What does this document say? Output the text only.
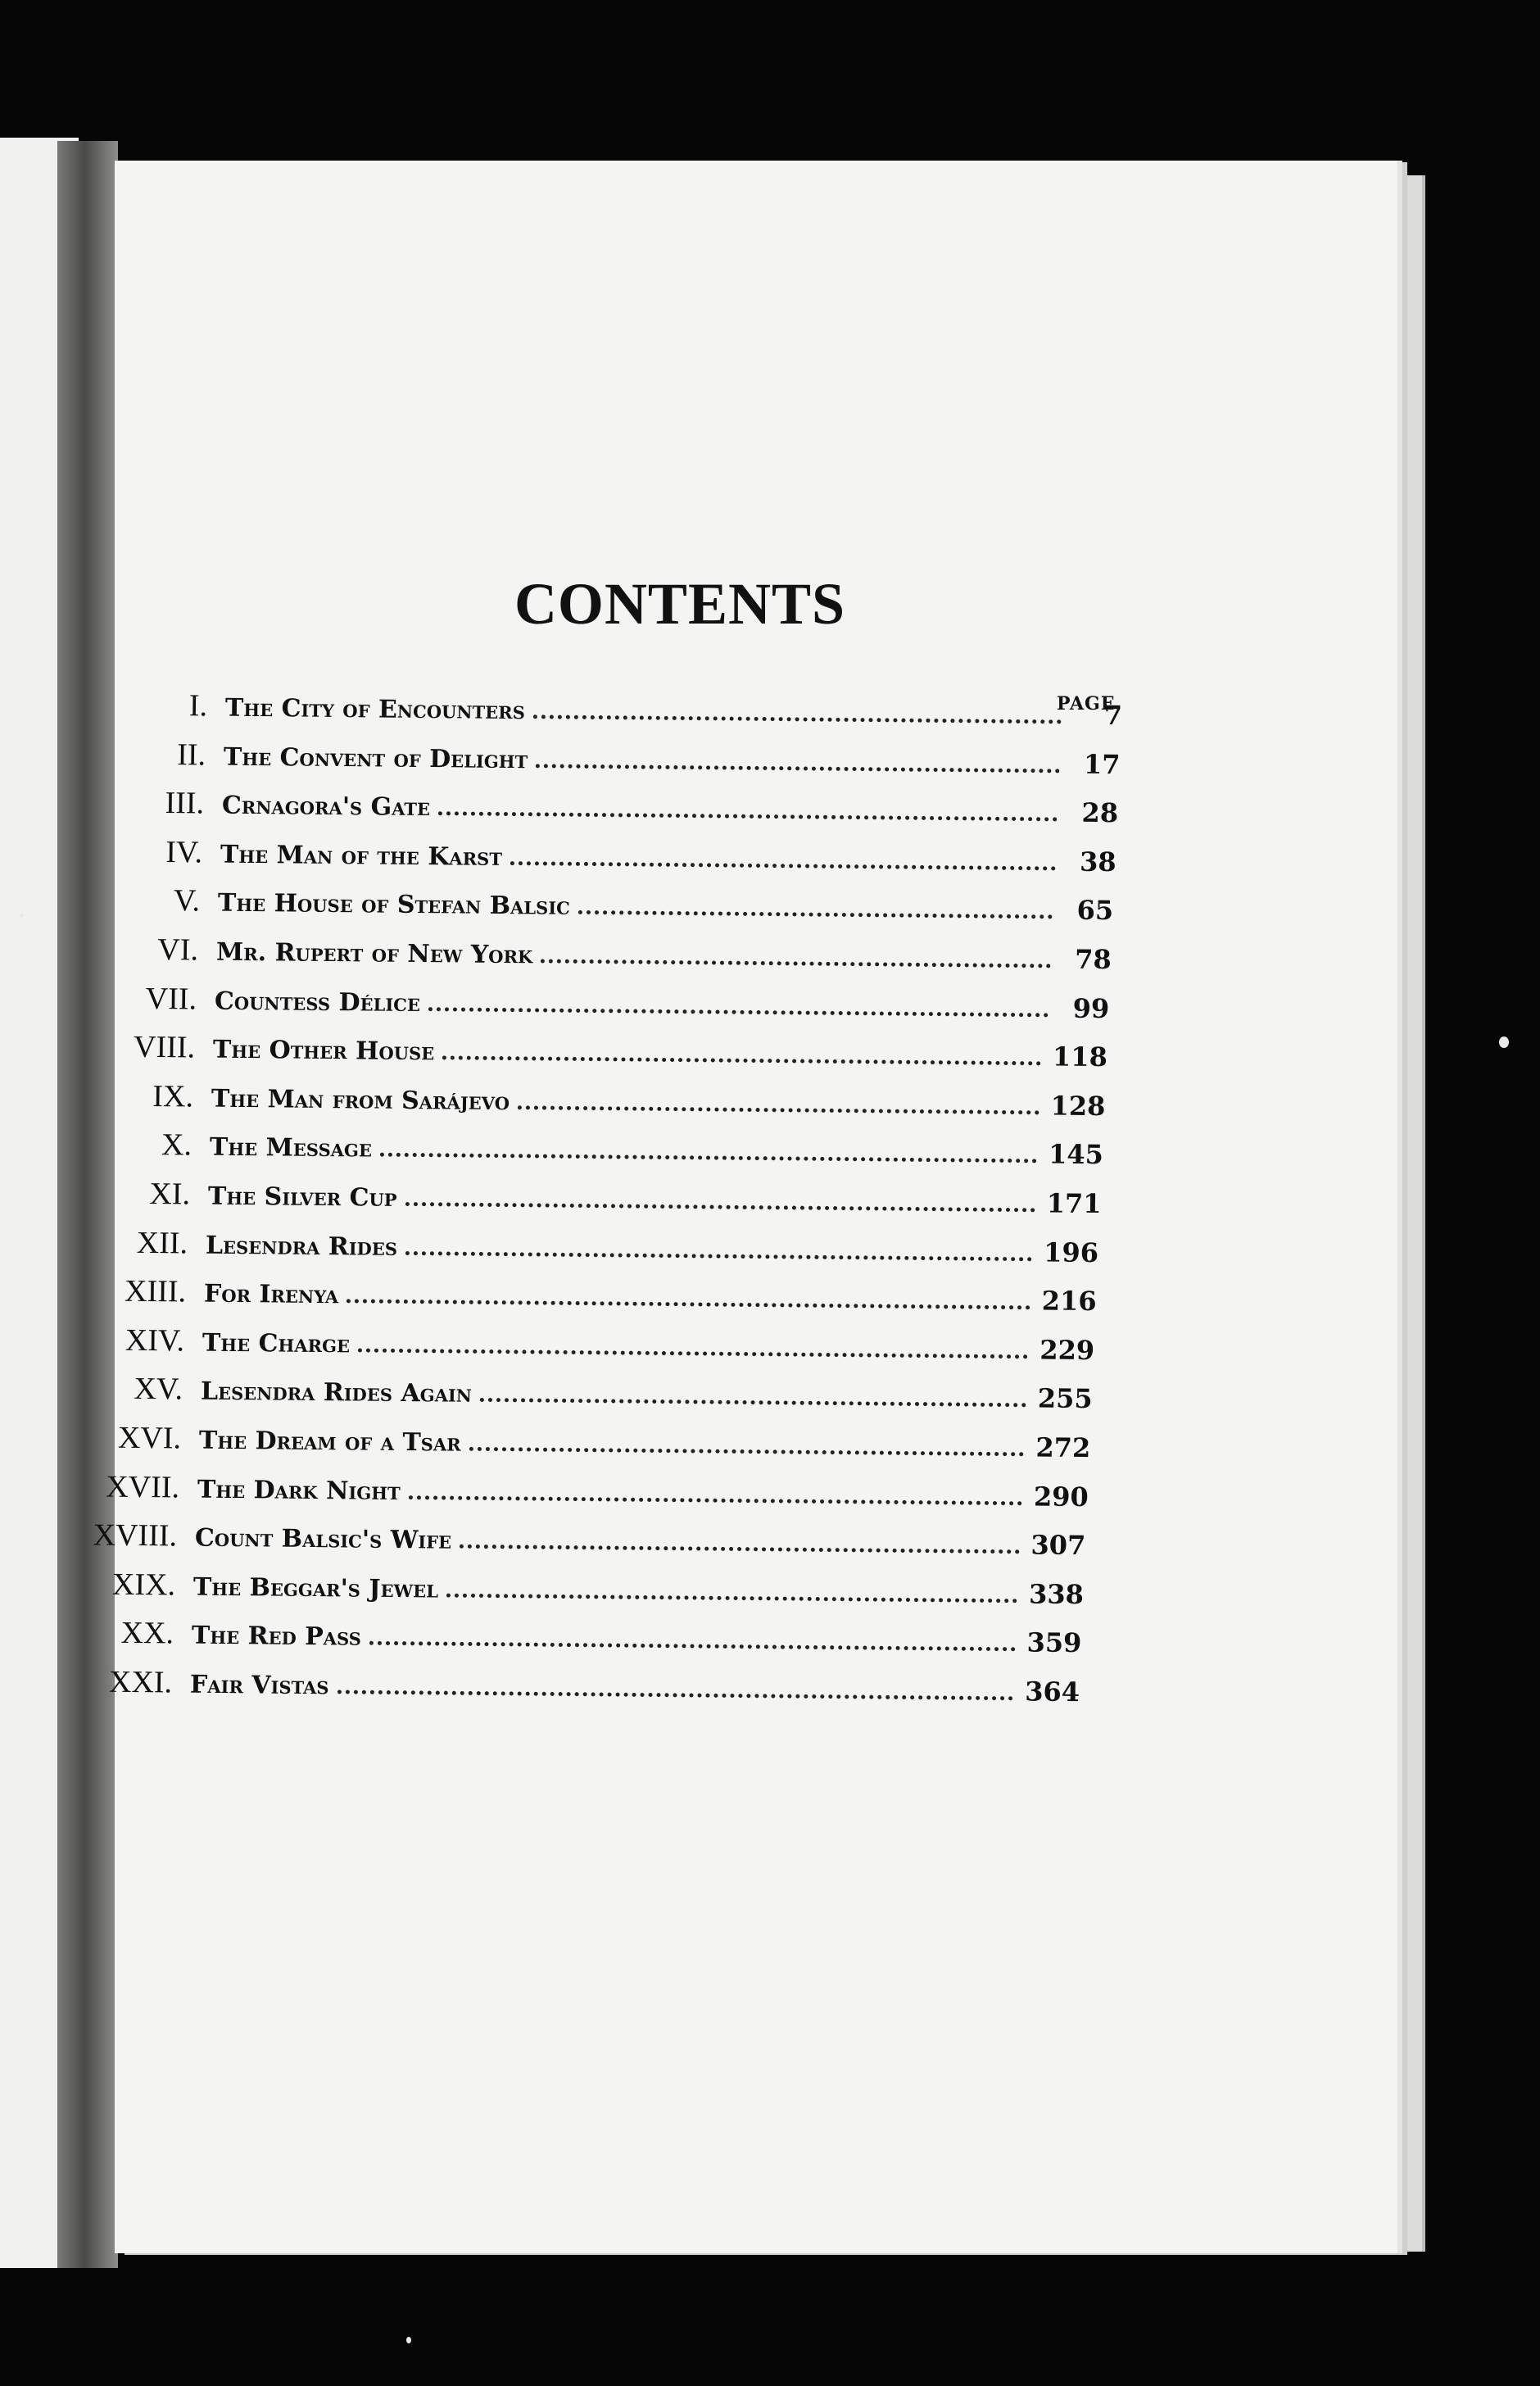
CONTENTS
PAGE
I. The City of Encounters	7
II. The Convent of Delight	17
III. Crnagora's Gate	28
IV. The Man of the Karst	38
V. The House of Stefan Balsic	65
VI. Mr. Rupert of New York	78
VII. Countess Délice	99
VIII. The Other House	118
IX. The Man from Sarájevo	128
X. The Message	145
XI. The Silver Cup	171
XII. Lesendra Rides	196
XIII. For Irenya	216
XIV. The Charge	229
XV. Lesendra Rides Again	255
XVI. The Dream of a Tsar	272
XVII. The Dark Night	290
XVIII. Count Balsic's Wife	307
XIX. The Beggar's Jewel	338
XX. The Red Pass	359
XXI. Fair Vistas	364
